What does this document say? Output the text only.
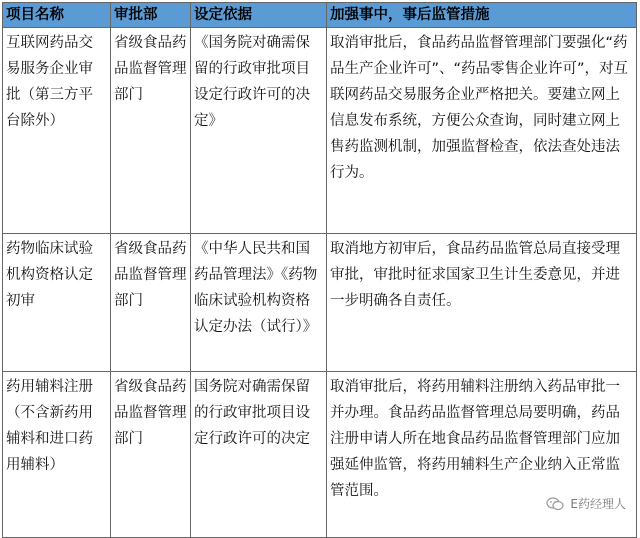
项目名称	审批部	设定依据	加强事中，事后监管措施
互联网药品交易服务企业审批（第三方平台除外）	省级食品药品监督管理部门	《国务院对确需保留的行政审批项目设定行政许可的决定》	取消审批后，食品药品监督管理部门要强化“药品生产企业许可”、“药品零售企业许可”，对互联网药品交易服务企业严格把关。要建立网上信息发布系统，方便公众查询，同时建立网上售药监测机制，加强监督检查，依法查处违法行为。
药物临床试验机构资格认定初审	省级食品药品监督管理部门	《中华人民共和国药品管理法》《药物临床试验机构资格认定办法（试行）》	取消地方初审后，食品药品监管总局直接受理审批，审批时征求国家卫生计生委意见，并进一步明确各自责任。
药用辅料注册（不含新药用辅料和进口药用辅料）	省级食品药品监督管理部门	国务院对确需保留的行政审批项目设定行政许可的决定	取消审批后，将药用辅料注册纳入药品审批一并办理。食品药品监督管理总局要明确，药品注册申请人所在地食品药品监督管理部门应加强延伸监管，将药用辅料生产企业纳入正常监管范围。
E药经理人
